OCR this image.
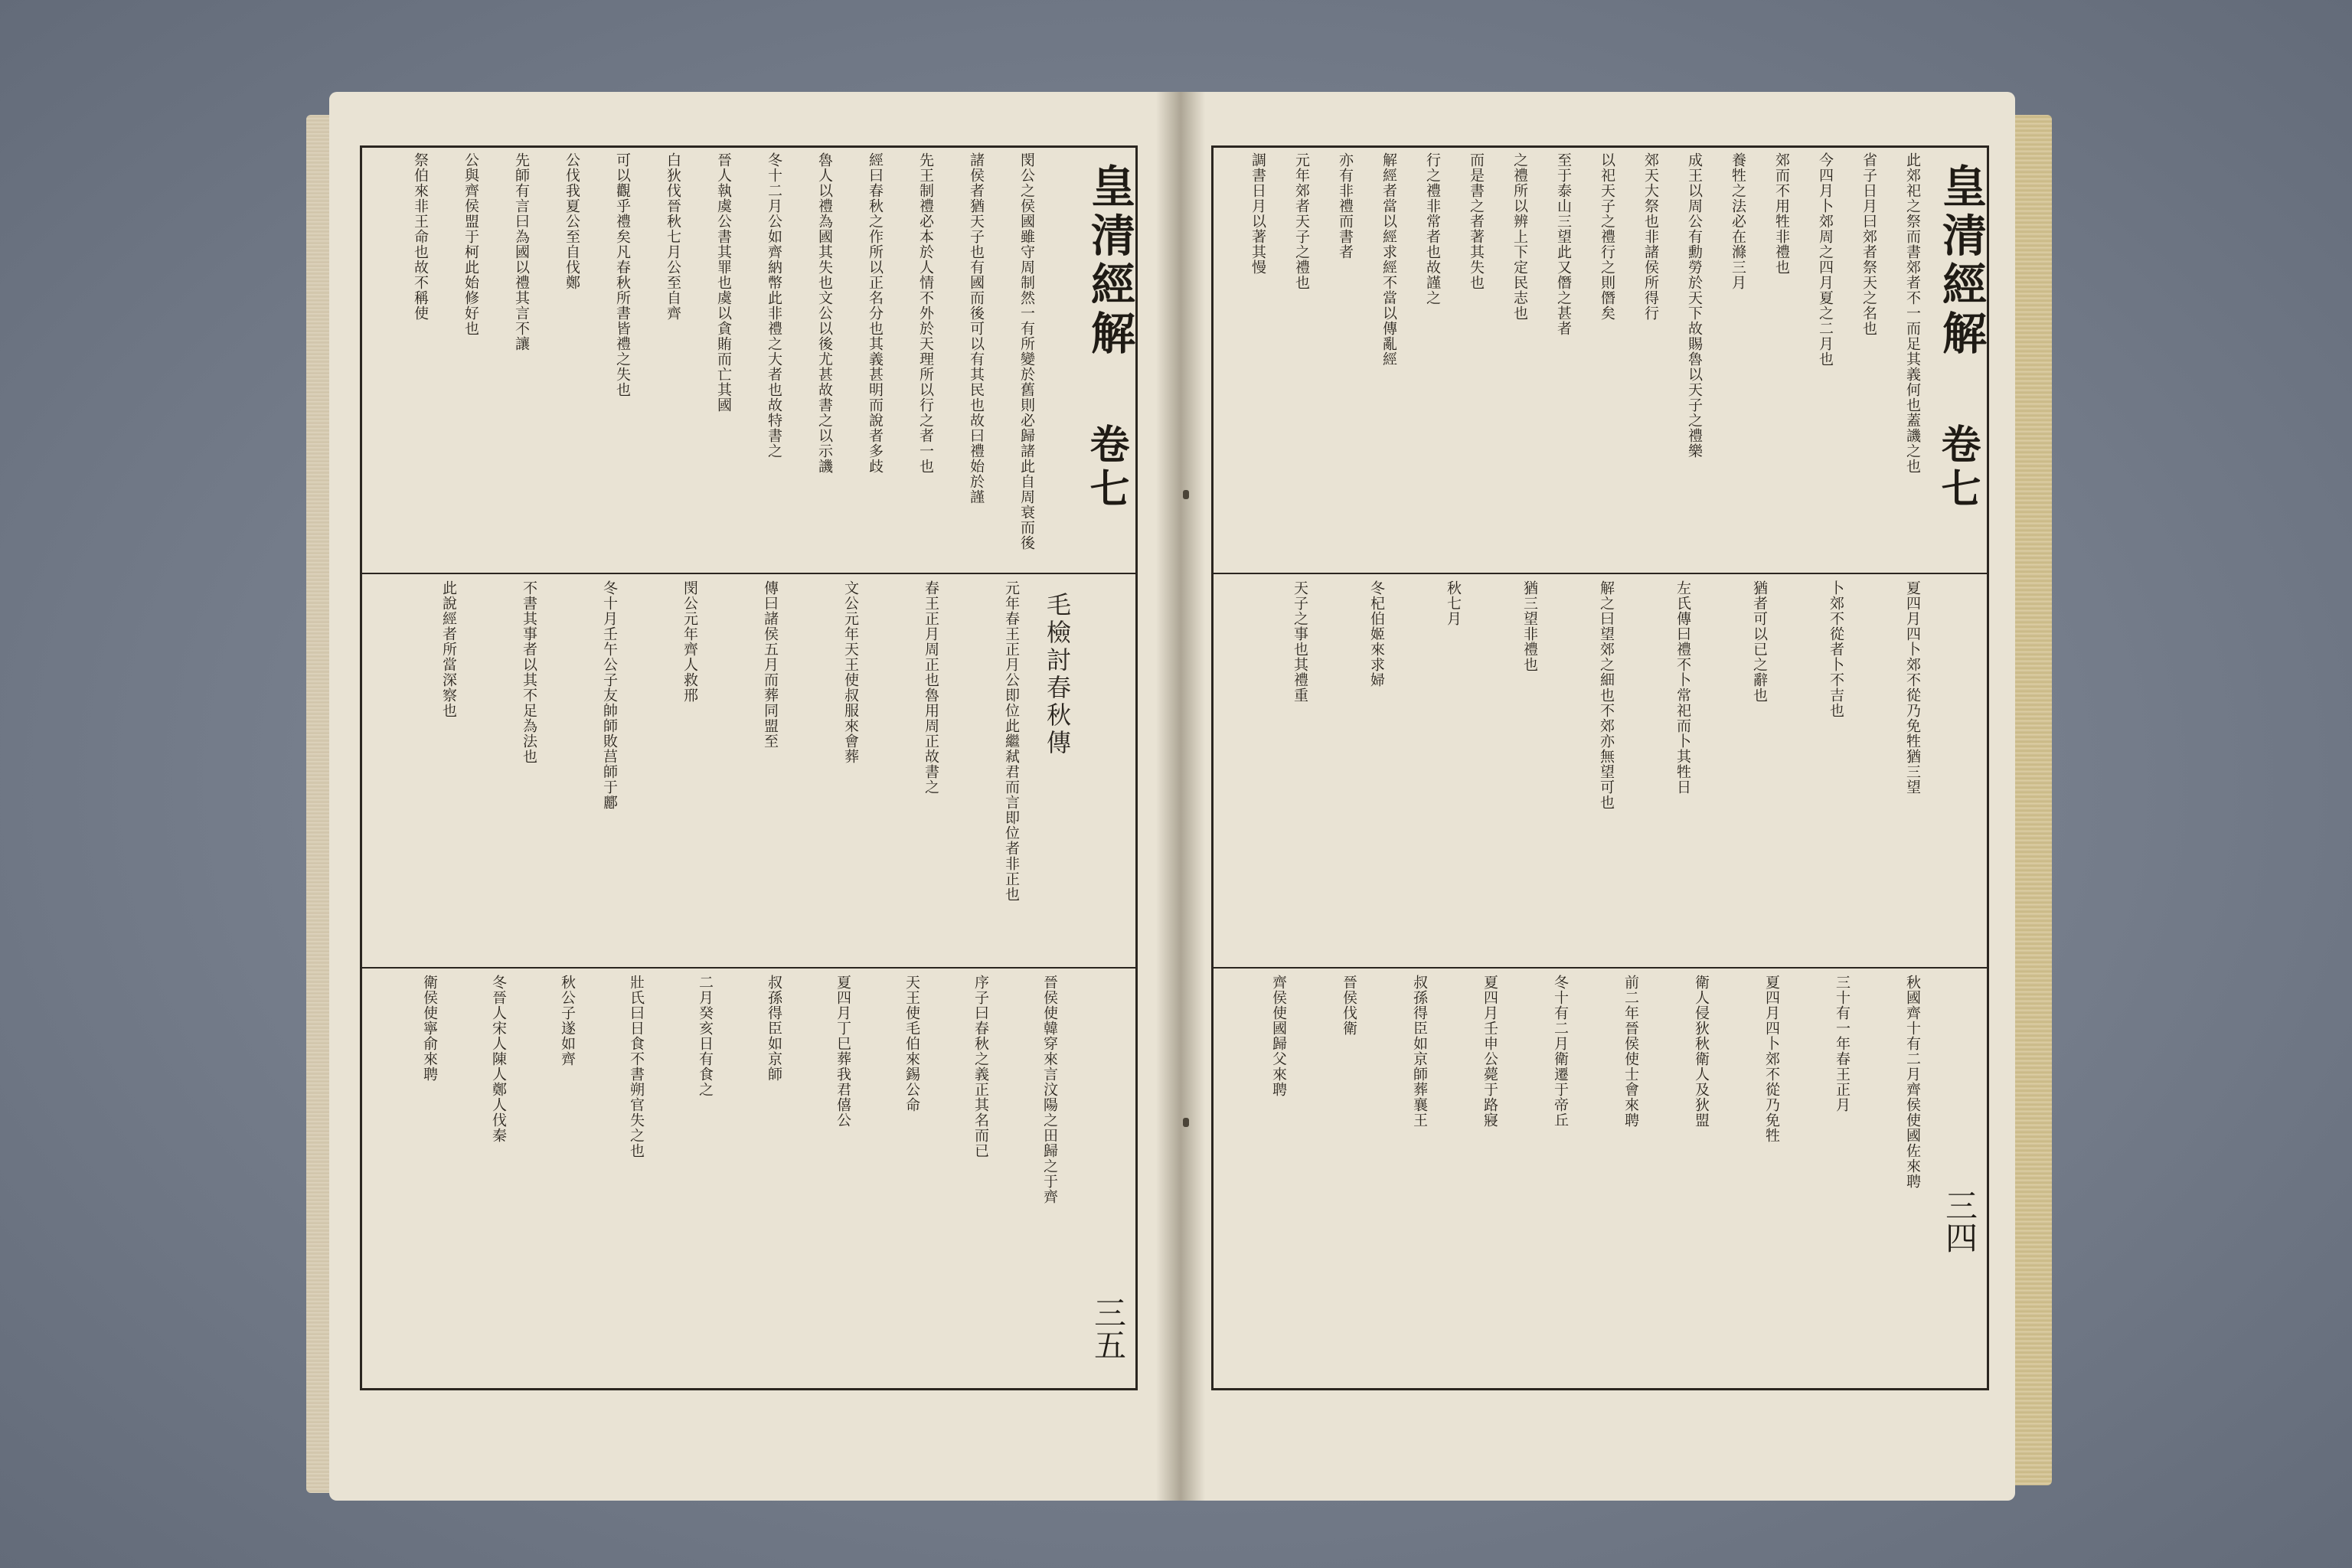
皇清經解
卷七
三五
毛檢討春秋傳
閔公之侯國雖守周制然一有所變於舊則必歸諸此自周衰而後
諸侯者猶天子也有國而後可以有其民也故曰禮始於謹
先王制禮必本於人情不外於天理所以行之者一也
經曰春秋之作所以正名分也其義甚明而說者多歧
魯人以禮為國其失也文公以後尤甚故書之以示譏
冬十二月公如齊納幣此非禮之大者也故特書之
晉人執虞公書其罪也虞以貪賄而亡其國
白狄伐晉秋七月公至自齊
可以觀乎禮矣凡春秋所書皆禮之失也
公伐我夏公至自伐鄭
先師有言曰為國以禮其言不讓
公與齊侯盟于柯此始修好也
祭伯來非王命也故不稱使
元年春王正月公即位此繼弒君而言即位者非正也
春王正月周正也魯用周正故書之
文公元年天王使叔服來會葬
傳曰諸侯五月而葬同盟至
閔公元年齊人救邢
冬十月壬午公子友帥師敗莒師于酈
不書其事者以其不足為法也
此說經者所當深察也
晉侯使韓穿來言汶陽之田歸之于齊
序子曰春秋之義正其名而已
天王使毛伯來錫公命
夏四月丁巳葬我君僖公
叔孫得臣如京師
二月癸亥日有食之
壯氏曰日食不書朔官失之也
秋公子遂如齊
冬晉人宋人陳人鄭人伐秦
衛侯使寧俞來聘
皇清經解
卷七
三四
此郊祀之祭而書郊者不一而足其義何也蓋譏之也
省子日月曰郊者祭天之名也
今四月卜郊周之四月夏之二月也
郊而不用牲非禮也
養牲之法必在滌三月
成王以周公有勳勞於天下故賜魯以天子之禮樂
郊天大祭也非諸侯所得行
以祀天子之禮行之則僭矣
至于泰山三望此又僭之甚者
之禮所以辨上下定民志也
而是書之者著其失也
行之禮非常者也故謹之
解經者當以經求經不當以傳亂經
亦有非禮而書者
元年郊者天子之禮也
調書日月以著其慢
夏四月四卜郊不從乃免牲猶三望
卜郊不從者卜不吉也
猶者可以已之辭也
左氏傳曰禮不卜常祀而卜其牲日
解之曰望郊之細也不郊亦無望可也
猶三望非禮也
秋七月
冬杞伯姬來求婦
天子之事也其禮重
秋國齊十有二月齊侯使國佐來聘
三十有一年春王正月
夏四月四卜郊不從乃免牲
衛人侵狄秋衛人及狄盟
前二年晉侯使士會來聘
冬十有二月衛遷于帝丘
夏四月壬申公薨于路寢
叔孫得臣如京師葬襄王
晉侯伐衛
齊侯使國歸父來聘
